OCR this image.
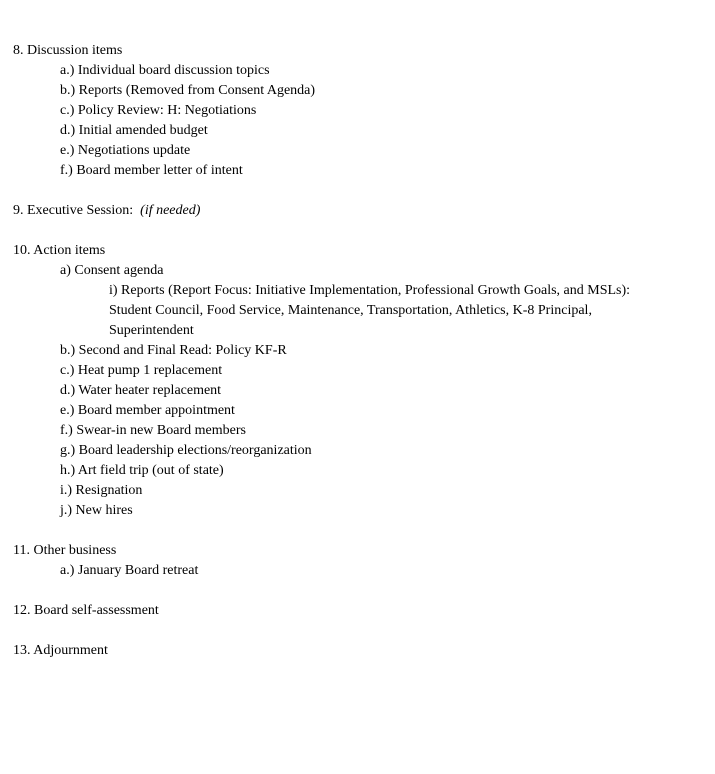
8. Discussion items
a.) Individual board discussion topics
b.) Reports (Removed from Consent Agenda)
c.) Policy Review: H: Negotiations
d.) Initial amended budget
e.) Negotiations update
f.) Board member letter of intent
9. Executive Session: (if needed)
10. Action items
a) Consent agenda
i) Reports (Report Focus: Initiative Implementation, Professional Growth Goals, and MSLs):
Student Council, Food Service, Maintenance, Transportation, Athletics, K-8 Principal,
Superintendent
b.) Second and Final Read: Policy KF-R
c.) Heat pump 1 replacement
d.) Water heater replacement
e.) Board member appointment
f.) Swear-in new Board members
g.) Board leadership elections/reorganization
h.) Art field trip (out of state)
i.) Resignation
j.) New hires
11. Other business
a.) January Board retreat
12. Board self-assessment
13. Adjournment
